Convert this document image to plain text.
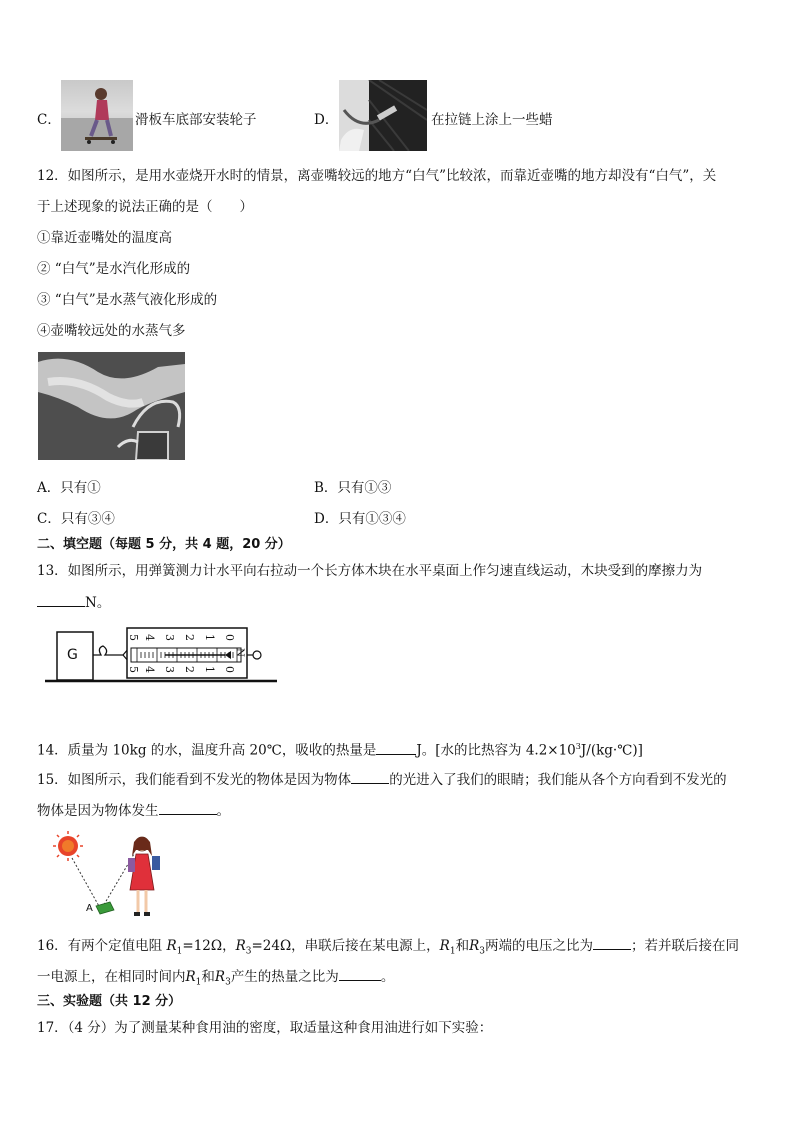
C．	滑板车底部安装轮子	D．	在拉链上涂上一些蜡
12．如图所示，是用水壶烧开水时的情景，离壶嘴较远的地方“白气”比较浓，而靠近壶嘴的地方却没有“白气”，关
于上述现象的说法正确的是（　　）
①靠近壶嘴处的温度高
② “白气”是水汽化形成的
③ “白气”是水蒸气液化形成的
④壶嘴较远处的水蒸气多
A．只有①	B．只有①③
C．只有③④	D．只有①③④
二、填空题（每题 5 分，共 4 题，20 分）
13．如图所示，用弹簧测力计水平向右拉动一个长方体木块在水平桌面上作匀速直线运动，木块受到的摩擦力为
N。
G
0
1
2
3
4
5
0
1
2
3
4
5
N
14．质量为 10kg 的水，温度升高 20℃，吸收的热量是	J。[水的比热容为 $4.2\times 10^3J/(kg\cdot℃)$]
15．如图所示，我们能看到不发光的物体是因为物体	的光进入了我们的眼睛；我们能从各个方向看到不发光的
物体是因为物体发生	。
A
16．有两个定值电阻 $R_1=12\Omega$，$R_3=24\Omega$，串联后接在某电源上，$R_1$和$R_3$两端的电压之比为	；若并联后接在同
一电源上，在相同时间内$R_1$和$R_3$产生的热量之比为	。
三、实验题（共 12 分）
17．（4 分）为了测量某种食用油的密度，取适量这种食用油进行如下实验：
